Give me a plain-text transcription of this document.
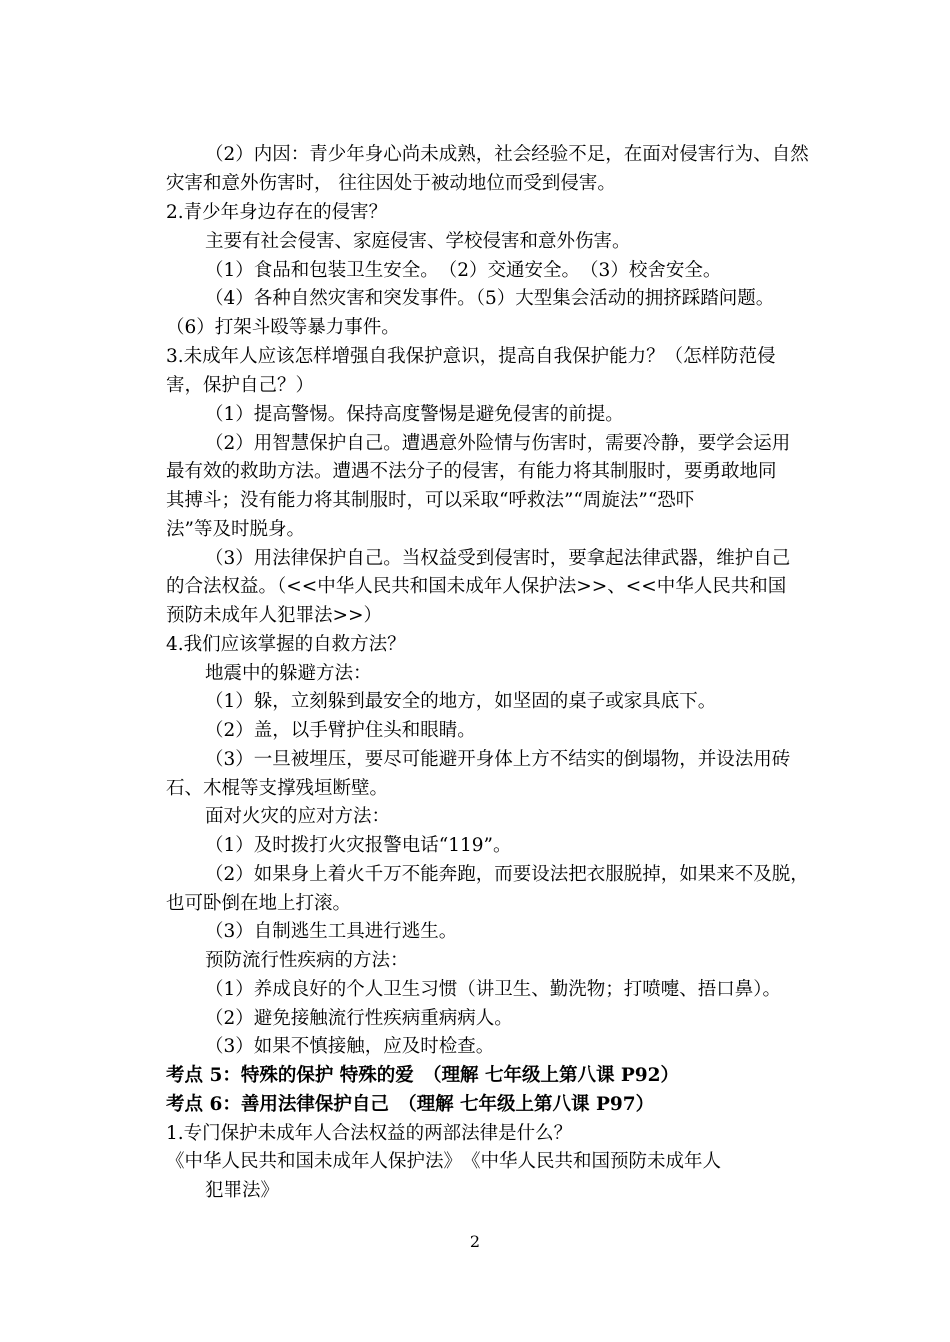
（2）内因：青少年身心尚未成熟，社会经验不足，在面对侵害行为、自然
灾害和意外伤害时， 往往因处于被动地位而受到侵害。
2.青少年身边存在的侵害？
主要有社会侵害、家庭侵害、学校侵害和意外伤害。
（1）食品和包装卫生安全。　（2）交通安全。　（3）校舍安全。
（4）各种自然灾害和突发事件。（5）大型集会活动的拥挤踩踏问题。
（6）打架斗殴等暴力事件。
3.未成年人应该怎样增强自我保护意识，提高自我保护能力？（怎样防范侵
害，保护自己？）
（1）提高警惕。保持高度警惕是避免侵害的前提。
（2）用智慧保护自己。遭遇意外险情与伤害时，需要冷静，要学会运用
最有效的救助方法。遭遇不法分子的侵害，有能力将其制服时，要勇敢地同
其搏斗；没有能力将其制服时，可以采取“呼救法”“周旋法”“恐吓
法”等及时脱身。
（3）用法律保护自己。当权益受到侵害时，要拿起法律武器，维护自己
的合法权益。（<<中华人民共和国未成年人保护法>>、<<中华人民共和国
预防未成年人犯罪法>>）
4.我们应该掌握的自救方法？
地震中的躲避方法：
（1）躲，立刻躲到最安全的地方，如坚固的桌子或家具底下。
（2）盖，以手臂护住头和眼睛。
（3）一旦被埋压，要尽可能避开身体上方不结实的倒塌物，并设法用砖
石、木棍等支撑残垣断壁。
面对火灾的应对方法：
（1）及时拨打火灾报警电话“119”。
（2）如果身上着火千万不能奔跑，而要设法把衣服脱掉，如果来不及脱，
也可卧倒在地上打滚。
（3）自制逃生工具进行逃生。
预防流行性疾病的方法：
（1）养成良好的个人卫生习惯（讲卫生、勤洗物；打喷嚏、捂口鼻）。
（2）避免接触流行性疾病重病病人。
（3）如果不慎接触，应及时检查。
考点 5：特殊的保护 特殊的爱　（理解 七年级上第八课 P92）
考点 6：善用法律保护自己　（理解 七年级上第八课 P97）
1.专门保护未成年人合法权益的两部法律是什么？
《中华人民共和国未成年人保护法》　《中华人民共和国预防未成年人
犯罪法》
2
